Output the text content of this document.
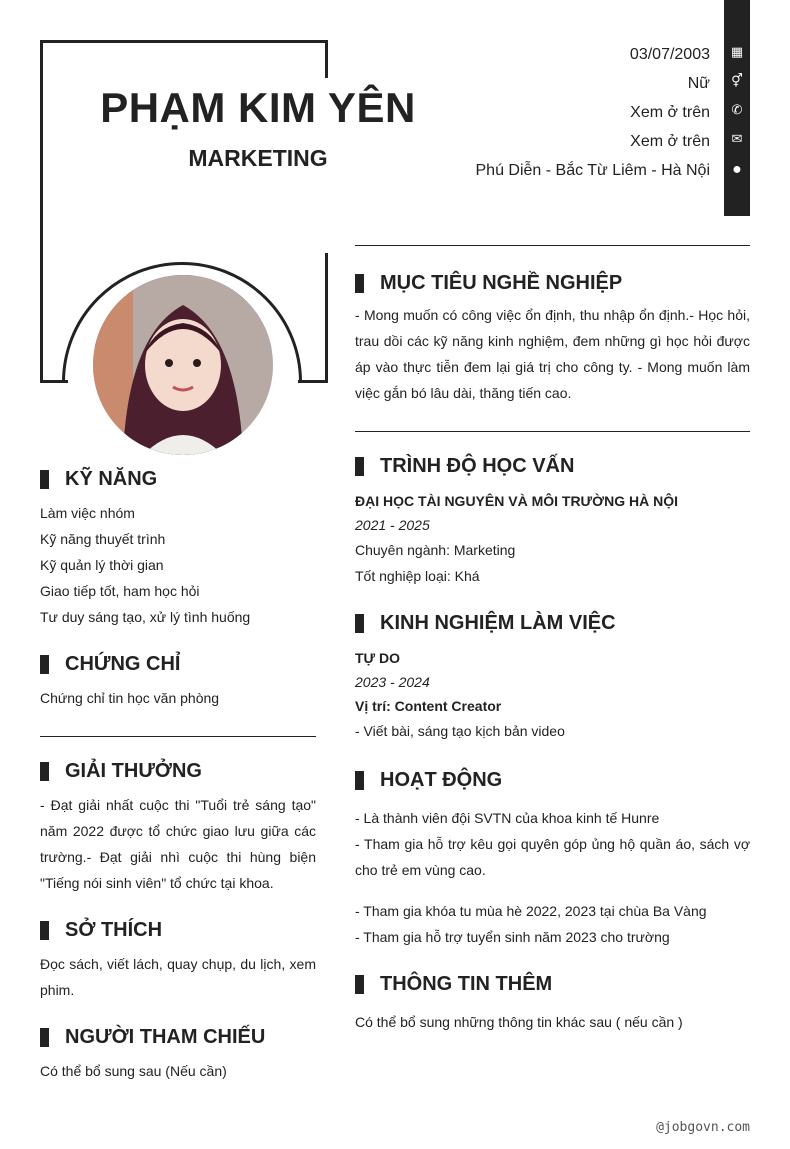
PHẠM KIM YÊN
MARKETING
03/07/2003
Nữ
Xem ở trên
Xem ở trên
Phú Diễn - Bắc Từ Liêm - Hà Nội
▦
⚥
✆
✉
●
KỸ NĂNG
Làm việc nhóm
Kỹ năng thuyết trình
Kỹ quản lý thời gian
Giao tiếp tốt, ham học hỏi
Tư duy sáng tạo, xử lý tình huống
CHỨNG CHỈ
Chứng chỉ tin học văn phòng
GIẢI THƯỞNG
- Đạt giải nhất cuộc thi "Tuổi trẻ sáng tạo" năm 2022 được tổ chức giao lưu giữa các trường.- Đạt giải nhì cuộc thi hùng biện "Tiếng nói sinh viên" tổ chức tại khoa.
SỞ THÍCH
Đọc sách, viết lách, quay chụp, du lịch, xem phim.
NGƯỜI THAM CHIẾU
Có thể bổ sung sau (Nếu cần)
MỤC TIÊU NGHỀ NGHIỆP
- Mong muốn có công việc ổn định, thu nhập ổn định.- Học hỏi, trau dồi các kỹ năng kinh nghiệm, đem những gì học hỏi được áp vào thực tiễn đem lại giá trị cho công ty. - Mong muốn làm việc gắn bó lâu dài, thăng tiến cao.
TRÌNH ĐỘ HỌC VẤN
ĐẠI HỌC TÀI NGUYÊN VÀ MÔI TRƯỜNG HÀ NỘI
2021 - 2025
Chuyên ngành: Marketing
Tốt nghiệp loại: Khá
KINH NGHIỆM LÀM VIỆC
TỰ DO
2023 - 2024
Vị trí: Content Creator
- Viết bài, sáng tạo kịch bản video
HOẠT ĐỘNG
- Là thành viên đội SVTN của khoa kinh tế Hunre
- Tham gia hỗ trợ kêu gọi quyên góp ủng hộ quần áo, sách vợ cho trẻ em vùng cao.
- Tham gia khóa tu mùa hè 2022, 2023 tại chùa Ba Vàng
- Tham gia hỗ trợ tuyển sinh năm 2023 cho trường
THÔNG TIN THÊM
Có thể bổ sung những thông tin khác sau ( nếu cần )
@jobgovn.com
